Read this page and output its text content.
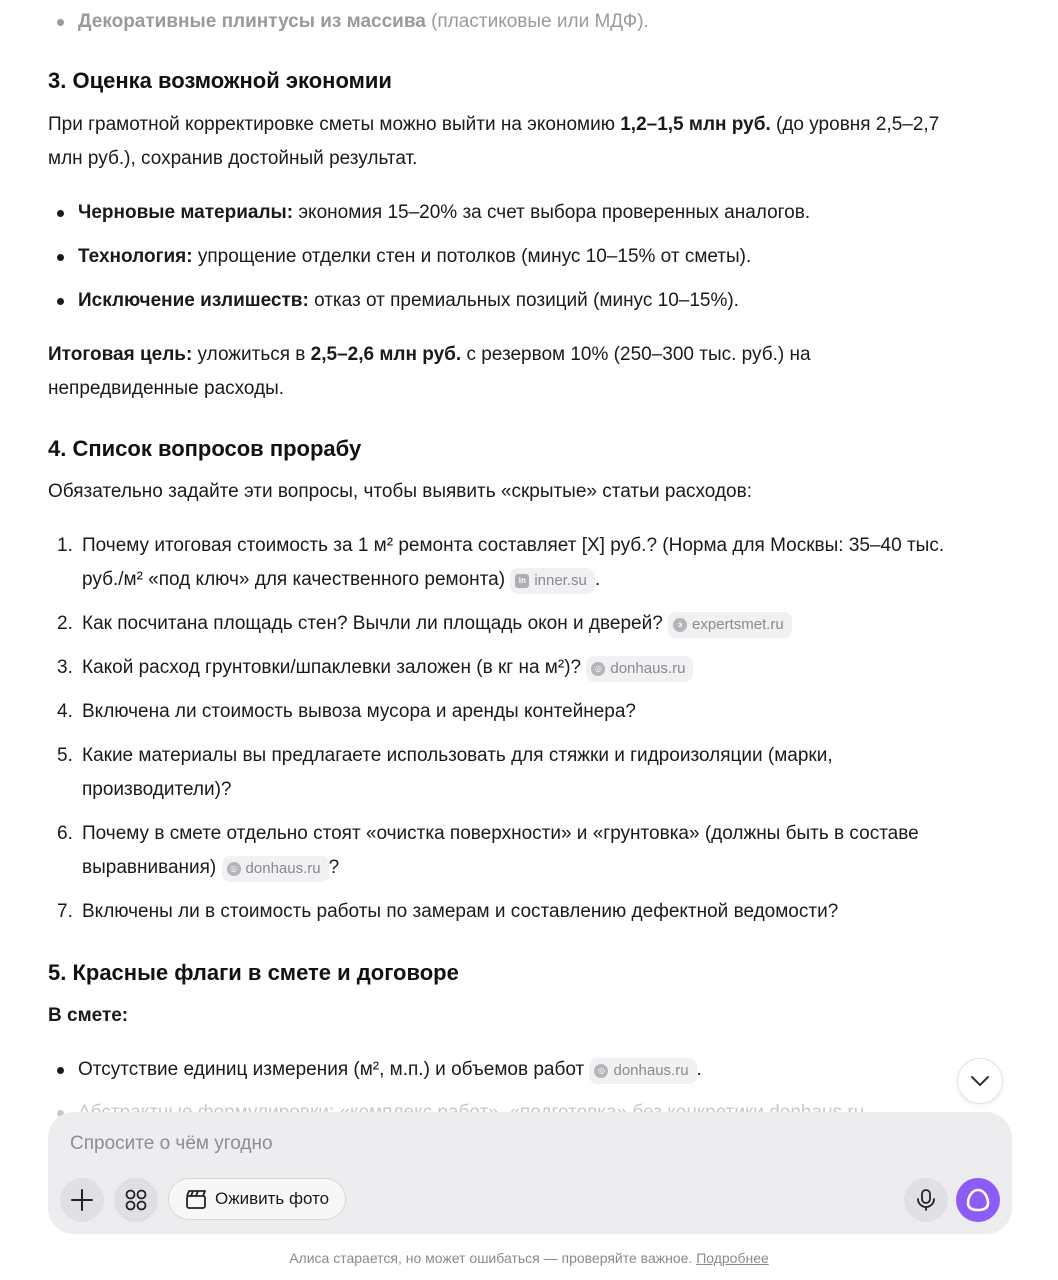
Декоративные плинтусы из массива (пластиковые или МДФ).
3. Оценка возможной экономии

При грамотной корректировке сметы можно выйти на экономию 1,2–1,5 млн руб. (до уровня 2,5–2,7 млн руб.), сохранив достойный результат.

Черновые материалы: экономия 15–20% за счет выбора проверенных аналогов.
Технология: упрощение отделки стен и потолков (минус 10–15% от сметы).
Исключение излишеств: отказ от премиальных позиций (минус 10–15%).

Итоговая цель: уложиться в 2,5–2,6 млн руб. с резервом 10% (250–300 тыс. руб.) на непредвиденные расходы.

4. Список вопросов прорабу

Обязательно задайте эти вопросы, чтобы выявить «скрытые» статьи расходов:

1. Почему итоговая стоимость за 1 м² ремонта составляет [X] руб.? (Норма для Москвы: 35–40 тыс. руб./м² «под ключ» для качественного ремонта)	in inner.su .
2. Как посчитана площадь стен? Вычли ли площадь окон и дверей?	э expertsmet.ru
3. Какой расход грунтовки/шпаклевки заложен (в кг на м²)?	◎ donhaus.ru
4. Включена ли стоимость вывоза мусора и аренды контейнера?
5. Какие материалы вы предлагаете использовать для стяжки и гидроизоляции (марки, производители)?
6. Почему в смете отдельно стоят «очистка поверхности» и «грунтовка» (должны быть в составе выравнивания)	◎ donhaus.ru ?
7. Включены ли в стоимость работы по замерам и составлению дефектной ведомости?
5. Красные флаги в смете и договоре

В смете:

Отсутствие единиц измерения (м², м.п.) и объемов работ	◎ donhaus.ru .
Спросите о чём угодно
Оживить фото
Алиса старается, но может ошибаться — проверяйте важное. Подробнее
